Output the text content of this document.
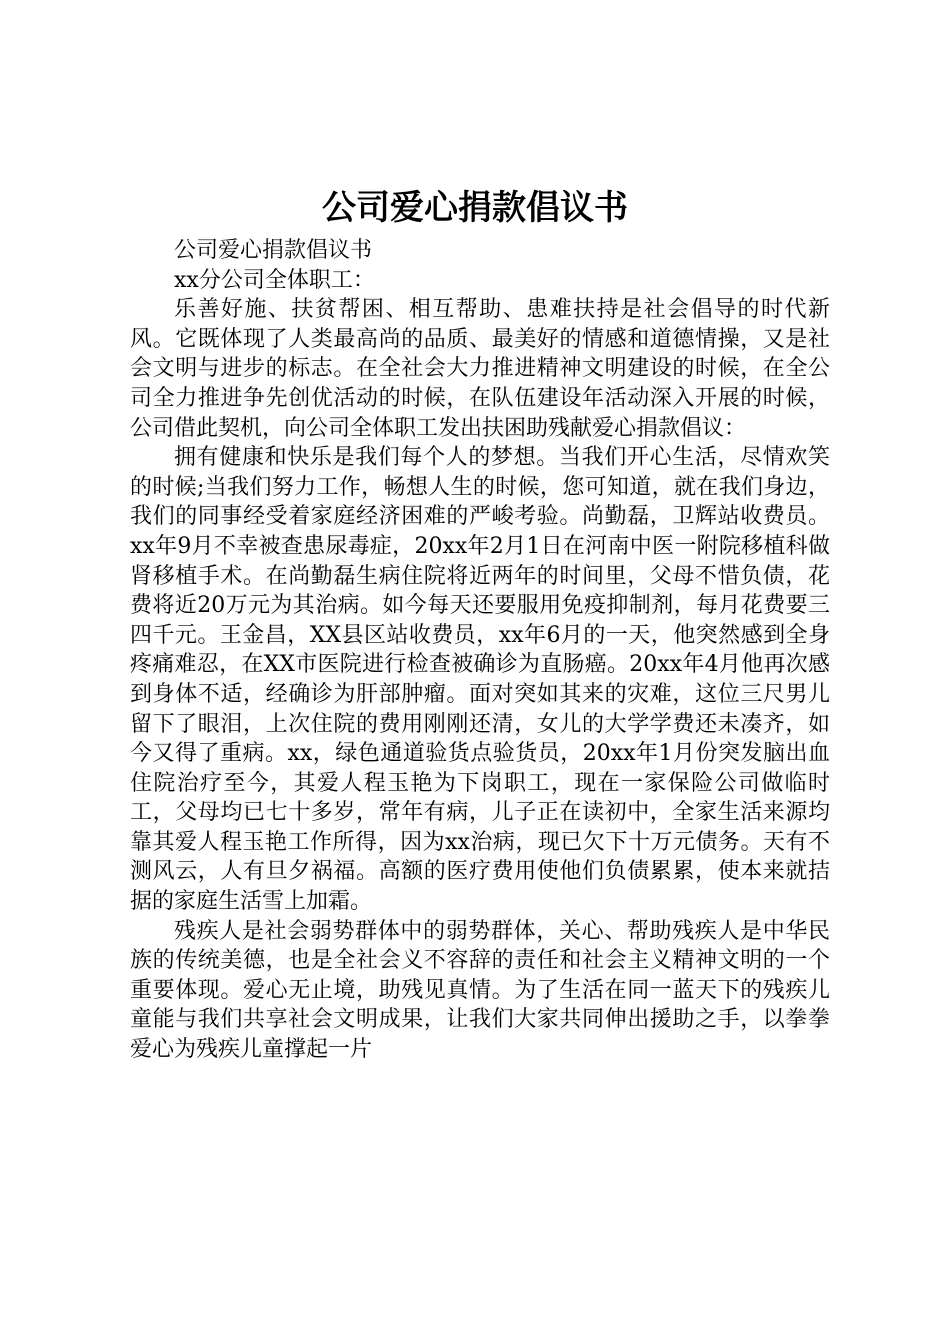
公司爱心捐款倡议书

公司爱心捐款倡议书

xx分公司全体职工：

乐善好施、扶贫帮困、相互帮助、患难扶持是社会倡导的时代新风。它既体现了人类最高尚的品质、最美好的情感和道德情操，又是社会文明与进步的标志。在全社会大力推进精神文明建设的时候，在全公司全力推进争先创优活动的时候，在队伍建设年活动深入开展的时候，公司借此契机，向公司全体职工发出扶困助残献爱心捐款倡议：

拥有健康和快乐是我们每个人的梦想。当我们开心生活，尽情欢笑的时候;当我们努力工作，畅想人生的时候，您可知道，就在我们身边，我们的同事经受着家庭经济困难的严峻考验。尚勤磊，卫辉站收费员。xx年9月不幸被查患尿毒症，20xx年2月1日在河南中医一附院移植科做肾移植手术。在尚勤磊生病住院将近两年的时间里，父母不惜负债，花费将近20万元为其治病。如今每天还要服用免疫抑制剂，每月花费要三四千元。王金昌，XX县区站收费员，xx年6月的一天，他突然感到全身疼痛难忍，在XX市医院进行检查被确诊为直肠癌。20xx年4月他再次感到身体不适，经确诊为肝部肿瘤。面对突如其来的灾难，这位三尺男儿留下了眼泪，上次住院的费用刚刚还清，女儿的大学学费还未凑齐，如今又得了重病。xx，绿色通道验货点验货员，20xx年1月份突发脑出血住院治疗至今，其爱人程玉艳为下岗职工，现在一家保险公司做临时工，父母均已七十多岁，常年有病，儿子正在读初中，全家生活来源均靠其爱人程玉艳工作所得，因为xx治病，现已欠下十万元债务。天有不测风云，人有旦夕祸福。高额的医疗费用使他们负债累累，使本来就拮据的家庭生活雪上加霜。

残疾人是社会弱势群体中的弱势群体，关心、帮助残疾人是中华民族的传统美德，也是全社会义不容辞的责任和社会主义精神文明的一个重要体现。爱心无止境，助残见真情。为了生活在同一蓝天下的残疾儿童能与我们共享社会文明成果，让我们大家共同伸出援助之手，以拳拳爱心为残疾儿童撑起一片
